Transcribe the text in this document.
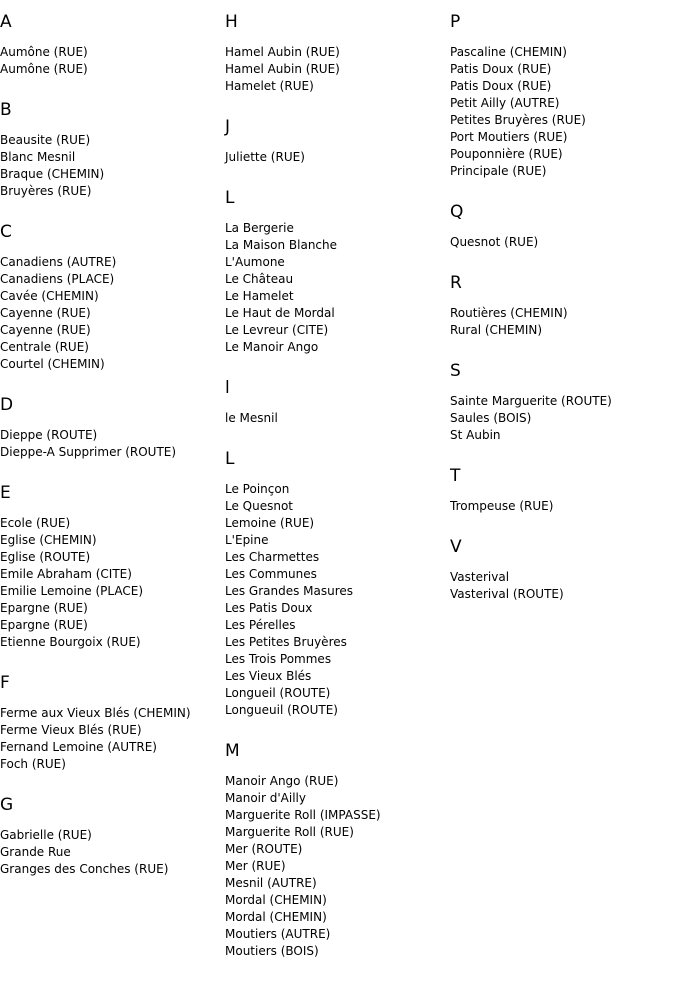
A
Aumône (RUE)
Aumône (RUE)
B
Beausite (RUE)
Blanc Mesnil
Braque (CHEMIN)
Bruyères (RUE)
C
Canadiens (AUTRE)
Canadiens (PLACE)
Cavée (CHEMIN)
Cayenne (RUE)
Cayenne (RUE)
Centrale (RUE)
Courtel (CHEMIN)
D
Dieppe (ROUTE)
Dieppe-A Supprimer (ROUTE)
E
Ecole (RUE)
Eglise (CHEMIN)
Eglise (ROUTE)
Emile Abraham (CITE)
Emilie Lemoine (PLACE)
Epargne (RUE)
Epargne (RUE)
Etienne Bourgoix (RUE)
F
Ferme aux Vieux Blés (CHEMIN)
Ferme Vieux Blés (RUE)
Fernand Lemoine (AUTRE)
Foch (RUE)
G
Gabrielle (RUE)
Grande Rue
Granges des Conches (RUE)
H
Hamel Aubin (RUE)
Hamel Aubin (RUE)
Hamelet (RUE)
J
Juliette (RUE)
L
La Bergerie
La Maison Blanche
L'Aumone
Le Château
Le Hamelet
Le Haut de Mordal
Le Levreur (CITE)
Le Manoir Ango
l
le Mesnil
L
Le Poinçon
Le Quesnot
Lemoine (RUE)
L'Epine
Les Charmettes
Les Communes
Les Grandes Masures
Les Patis Doux
Les Pérelles
Les Petites Bruyères
Les Trois Pommes
Les Vieux Blés
Longueil (ROUTE)
Longueuil (ROUTE)
M
Manoir Ango (RUE)
Manoir d'Ailly
Marguerite Roll (IMPASSE)
Marguerite Roll (RUE)
Mer (ROUTE)
Mer (RUE)
Mesnil (AUTRE)
Mordal (CHEMIN)
Mordal (CHEMIN)
Moutiers (AUTRE)
Moutiers (BOIS)
P
Pascaline (CHEMIN)
Patis Doux (RUE)
Patis Doux (RUE)
Petit Ailly (AUTRE)
Petites Bruyères (RUE)
Port Moutiers (RUE)
Pouponnière (RUE)
Principale (RUE)
Q
Quesnot (RUE)
R
Routières (CHEMIN)
Rural (CHEMIN)
S
Sainte Marguerite (ROUTE)
Saules (BOIS)
St Aubin
T
Trompeuse (RUE)
V
Vasterival
Vasterival (ROUTE)
